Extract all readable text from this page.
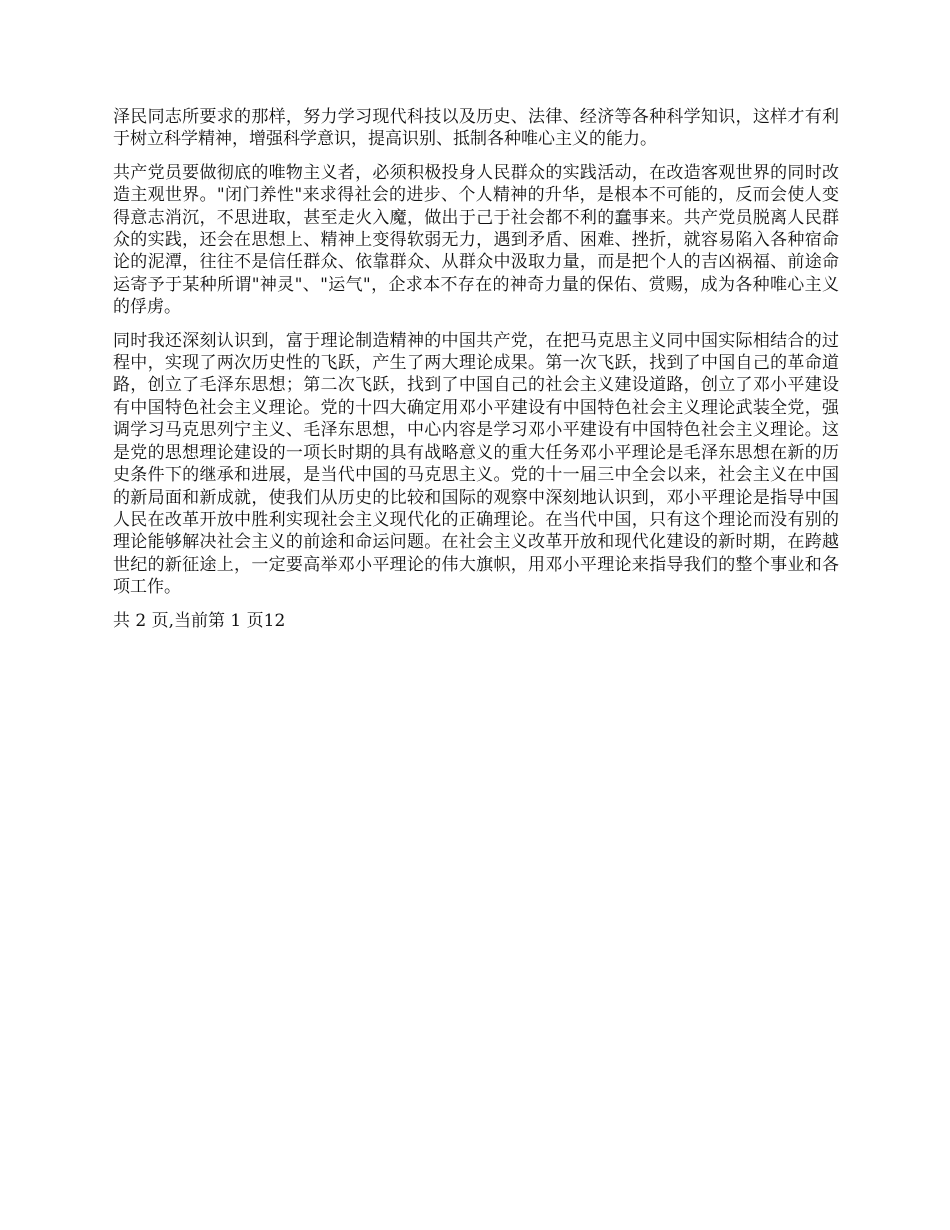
泽民同志所要求的那样，努力学习现代科技以及历史、法律、经济等各种科学知识，这样才有利于树立科学精神，增强科学意识，提高识别、抵制各种唯心主义的能力。

共产党员要做彻底的唯物主义者，必须积极投身人民群众的实践活动，在改造客观世界的同时改造主观世界。"闭门养性"来求得社会的进步、个人精神的升华，是根本不可能的，反而会使人变得意志消沉，不思进取，甚至走火入魔，做出于己于社会都不利的蠢事来。共产党员脱离人民群众的实践，还会在思想上、精神上变得软弱无力，遇到矛盾、困难、挫折，就容易陷入各种宿命论的泥潭，往往不是信任群众、依靠群众、从群众中汲取力量，而是把个人的吉凶祸福、前途命运寄予于某种所谓"神灵"、"运气"，企求本不存在的神奇力量的保佑、赏赐，成为各种唯心主义的俘虏。

同时我还深刻认识到，富于理论制造精神的中国共产党，在把马克思主义同中国实际相结合的过程中，实现了两次历史性的飞跃，产生了两大理论成果。第一次飞跃，找到了中国自己的革命道路，创立了毛泽东思想；第二次飞跃，找到了中国自己的社会主义建设道路，创立了邓小平建设有中国特色社会主义理论。党的十四大确定用邓小平建设有中国特色社会主义理论武装全党，强调学习马克思列宁主义、毛泽东思想，中心内容是学习邓小平建设有中国特色社会主义理论。这是党的思想理论建设的一项长时期的具有战略意义的重大任务邓小平理论是毛泽东思想在新的历史条件下的继承和进展，是当代中国的马克思主义。党的十一届三中全会以来，社会主义在中国的新局面和新成就，使我们从历史的比较和国际的观察中深刻地认识到，邓小平理论是指导中国人民在改革开放中胜利实现社会主义现代化的正确理论。在当代中国，只有这个理论而没有别的理论能够解决社会主义的前途和命运问题。在社会主义改革开放和现代化建设的新时期，在跨越世纪的新征途上，一定要高举邓小平理论的伟大旗帜，用邓小平理论来指导我们的整个事业和各项工作。

共 2 页,当前第 1 页 1 2
